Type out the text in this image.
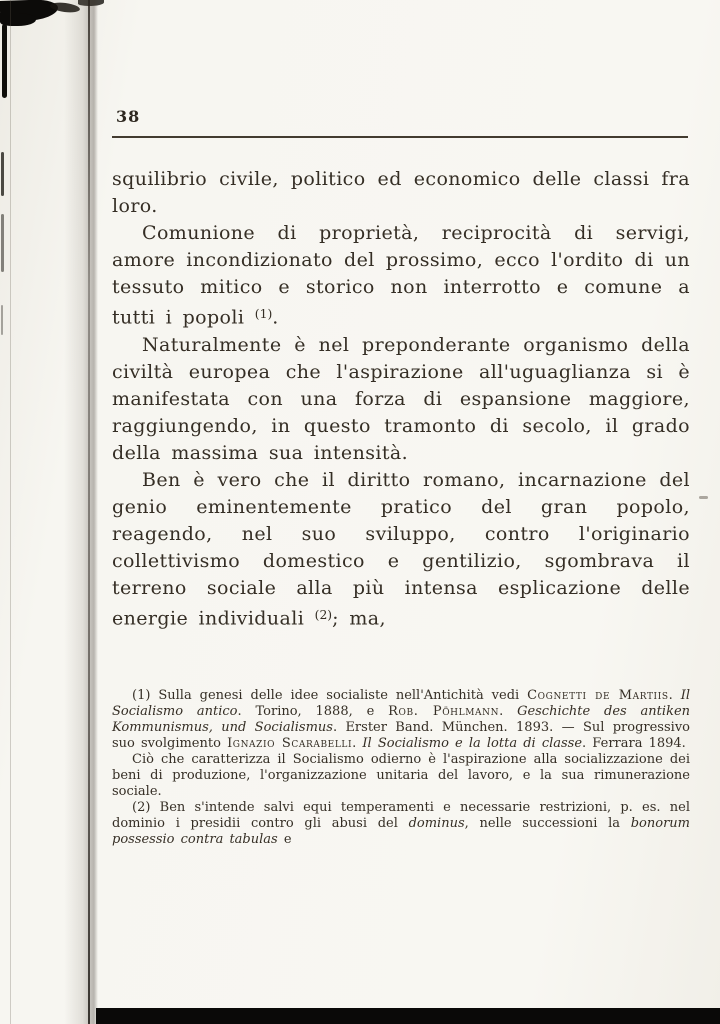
38

squilibrio civile, politico ed economico delle classi fra loro.

Comunione di proprietà, reciprocità di servigi, amore incondizionato del prossimo, ecco l'ordito di un tessuto mitico e storico non interrotto e comune a tutti i popoli $^{(1)}$.

Naturalmente è nel preponderante organismo della civiltà europea che l'aspirazione all'uguaglianza si è manifestata con una forza di espansione maggiore, raggiungendo, in questo tramonto di secolo, il grado della massima sua intensità.

Ben è vero che il diritto romano, incarnazione del genio eminentemente pratico del gran popolo, reagendo, nel suo sviluppo, contro l'originario collettivismo domestico e gentilizio, sgombrava il terreno sociale alla più intensa esplicazione delle energie individuali $^{(2)}$; ma,

(1) Sulla genesi delle idee socialiste nell'Antichità vedi Cognetti de Martiis. Il Socialismo antico. Torino, 1888, e Rob. Pöhlmann. Geschichte des antiken Kommunismus, und Socialismus. Erster Band. München. 1893. — Sul progressivo suo svolgimento Ignazio Scarabelli. Il Socialismo e la lotta di classe. Ferrara 1894.

Ciò che caratterizza il Socialismo odierno è l'aspirazione alla socializzazione dei beni di produzione, l'organizzazione unitaria del lavoro, e la sua rimunerazione sociale.

(2) Ben s'intende salvi equi temperamenti e necessarie restrizioni, p. es. nel dominio i presidii contro gli abusi del dominus, nelle successioni la bonorum possessio contra tabulas e
